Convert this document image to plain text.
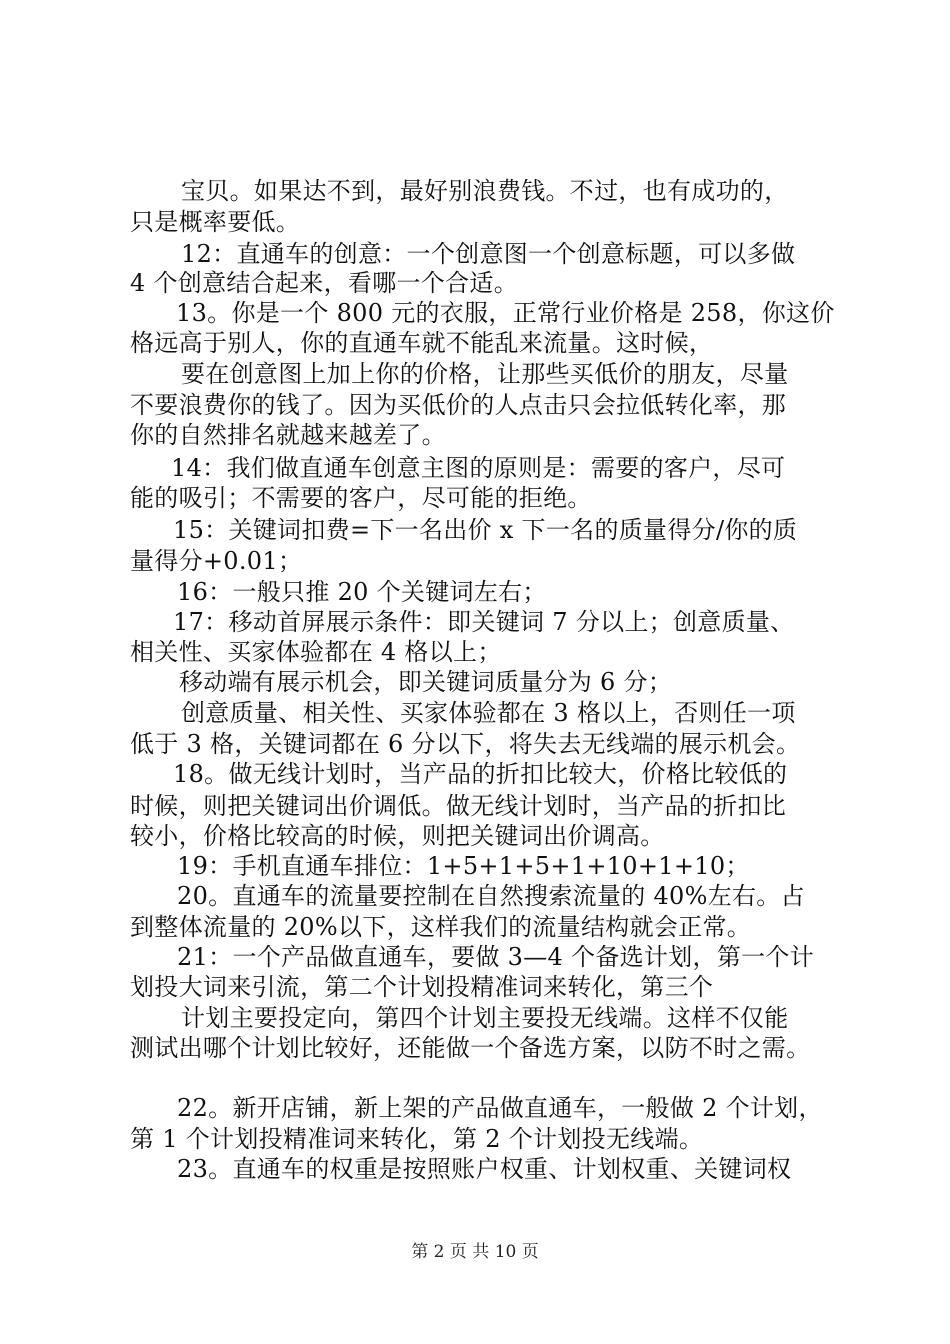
宝贝。如果达不到，最好别浪费钱。不过，也有成功的，
只是概率要低。
12：直通车的创意：一个创意图一个创意标题，可以多做
4 个创意结合起来，看哪一个合适。
13。你是一个 800 元的衣服，正常行业价格是 258，你这价
格远高于别人，你的直通车就不能乱来流量。这时候，
要在创意图上加上你的价格，让那些买低价的朋友，尽量
不要浪费你的钱了。因为买低价的人点击只会拉低转化率，那
你的自然排名就越来越差了。
14：我们做直通车创意主图的原则是：需要的客户，尽可
能的吸引；不需要的客户，尽可能的拒绝。
15：关键词扣费=下一名出价 x 下一名的质量得分/你的质
量得分+0.01；
16：一般只推 20 个关键词左右；
17：移动首屏展示条件：即关键词 7 分以上；创意质量、
相关性、买家体验都在 4 格以上；
移动端有展示机会，即关键词质量分为 6 分；
创意质量、相关性、买家体验都在 3 格以上，否则任一项
低于 3 格，关键词都在 6 分以下，将失去无线端的展示机会。
18。做无线计划时，当产品的折扣比较大，价格比较低的
时候，则把关键词出价调低。做无线计划时，当产品的折扣比
较小，价格比较高的时候，则把关键词出价调高。
19：手机直通车排位：1+5+1+5+1+10+1+10；
20。直通车的流量要控制在自然搜索流量的 40%左右。占
到整体流量的 20%以下，这样我们的流量结构就会正常。
21：一个产品做直通车，要做 3—4 个备选计划，第一个计
划投大词来引流，第二个计划投精准词来转化，第三个
计划主要投定向，第四个计划主要投无线端。这样不仅能
测试出哪个计划比较好，还能做一个备选方案，以防不时之需。
22。新开店铺，新上架的产品做直通车，一般做 2 个计划，
第 1 个计划投精准词来转化，第 2 个计划投无线端。
23。直通车的权重是按照账户权重、计划权重、关键词权
第 2 页 共 10 页
